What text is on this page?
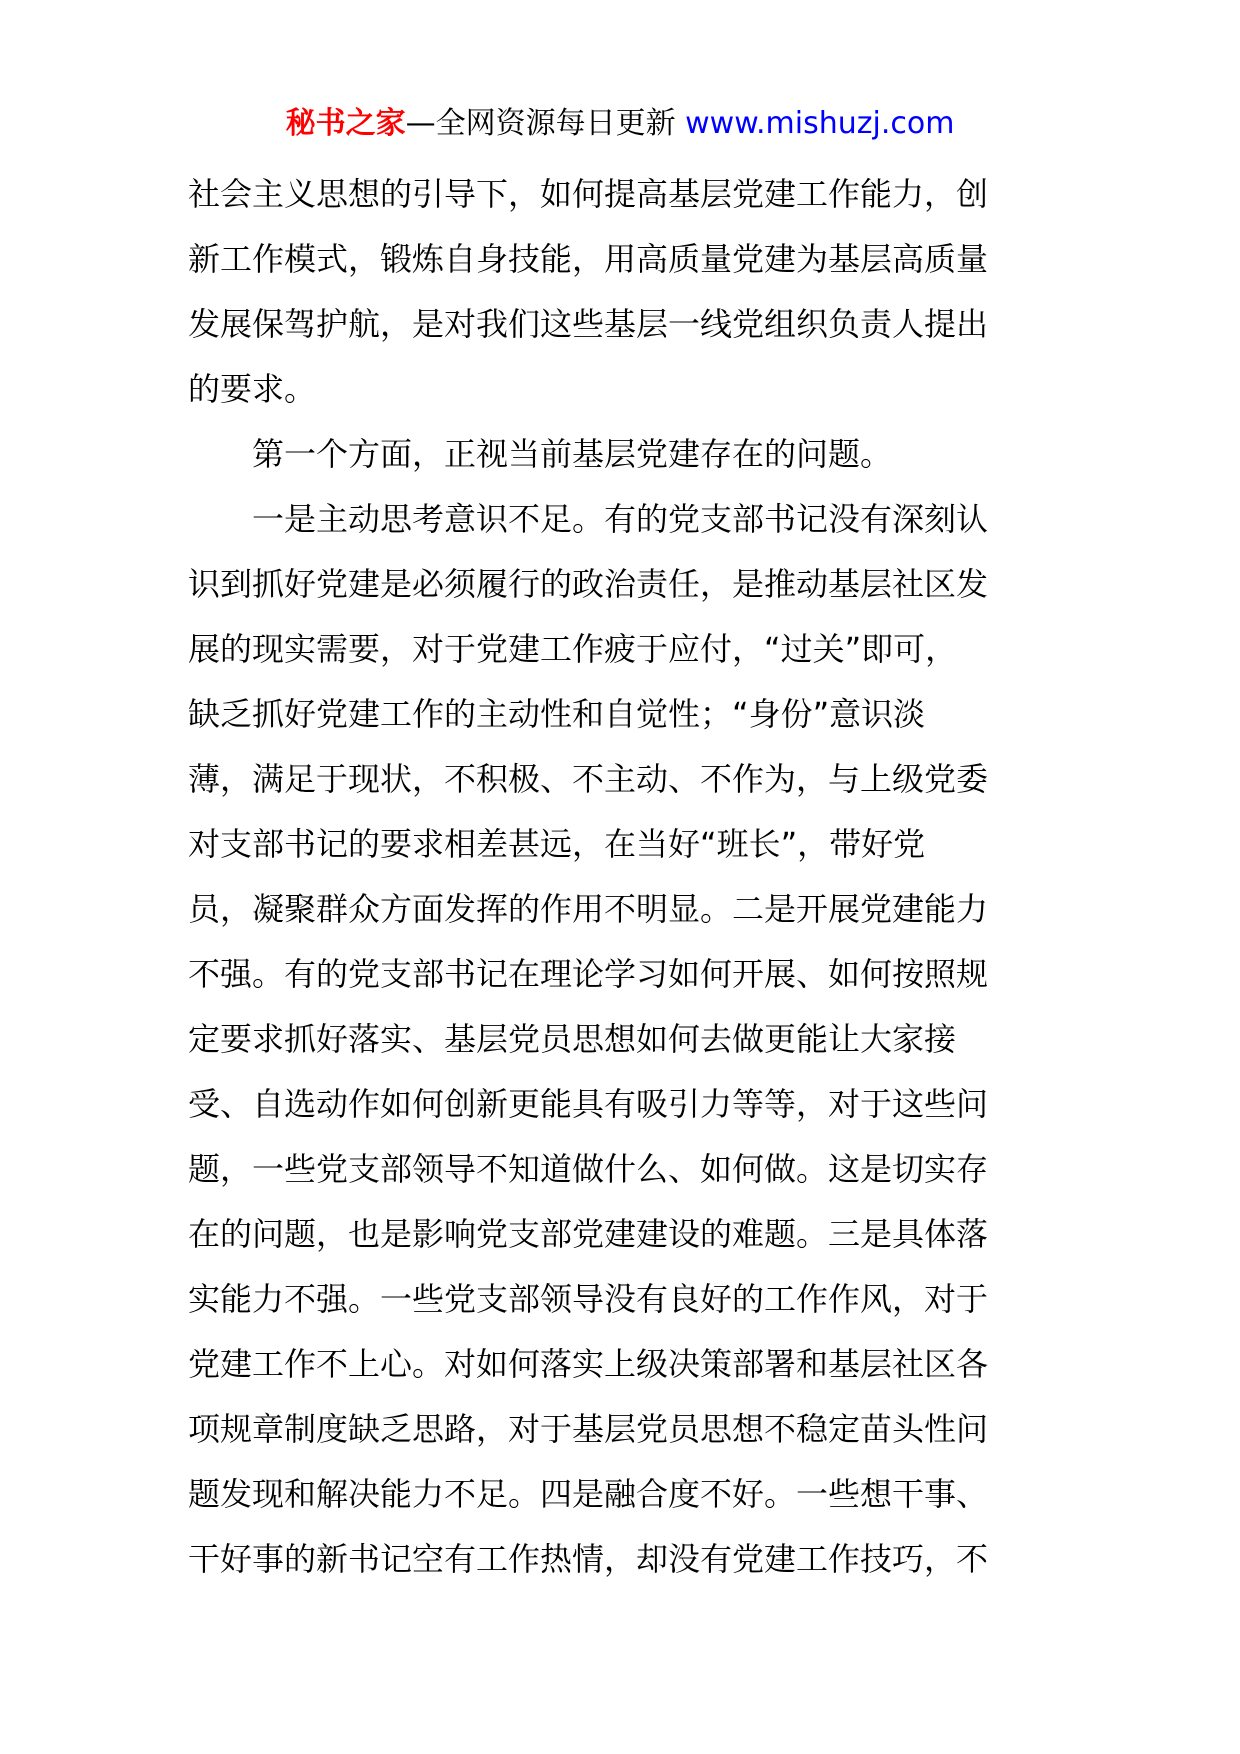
秘书之家—全网资源每日更新 www.mishuzj.com

社会主义思想的引导下，如何提高基层党建工作能力，创
新工作模式，锻炼自身技能，用高质量党建为基层高质量
发展保驾护航，是对我们这些基层一线党组织负责人提出
的要求。

第一个方面，正视当前基层党建存在的问题。

一是主动思考意识不足。有的党支部书记没有深刻认
识到抓好党建是必须履行的政治责任，是推动基层社区发
展的现实需要，对于党建工作疲于应付，“过关”即可，
缺乏抓好党建工作的主动性和自觉性；“身份”意识淡
薄，满足于现状，不积极、不主动、不作为，与上级党委
对支部书记的要求相差甚远，在当好“班长”，带好党
员，凝聚群众方面发挥的作用不明显。二是开展党建能力
不强。有的党支部书记在理论学习如何开展、如何按照规
定要求抓好落实、基层党员思想如何去做更能让大家接
受、自选动作如何创新更能具有吸引力等等，对于这些问
题，一些党支部领导不知道做什么、如何做。这是切实存
在的问题，也是影响党支部党建建设的难题。三是具体落
实能力不强。一些党支部领导没有良好的工作作风，对于
党建工作不上心。对如何落实上级决策部署和基层社区各
项规章制度缺乏思路，对于基层党员思想不稳定苗头性问
题发现和解决能力不足。四是融合度不好。一些想干事、
干好事的新书记空有工作热情，却没有党建工作技巧，不
